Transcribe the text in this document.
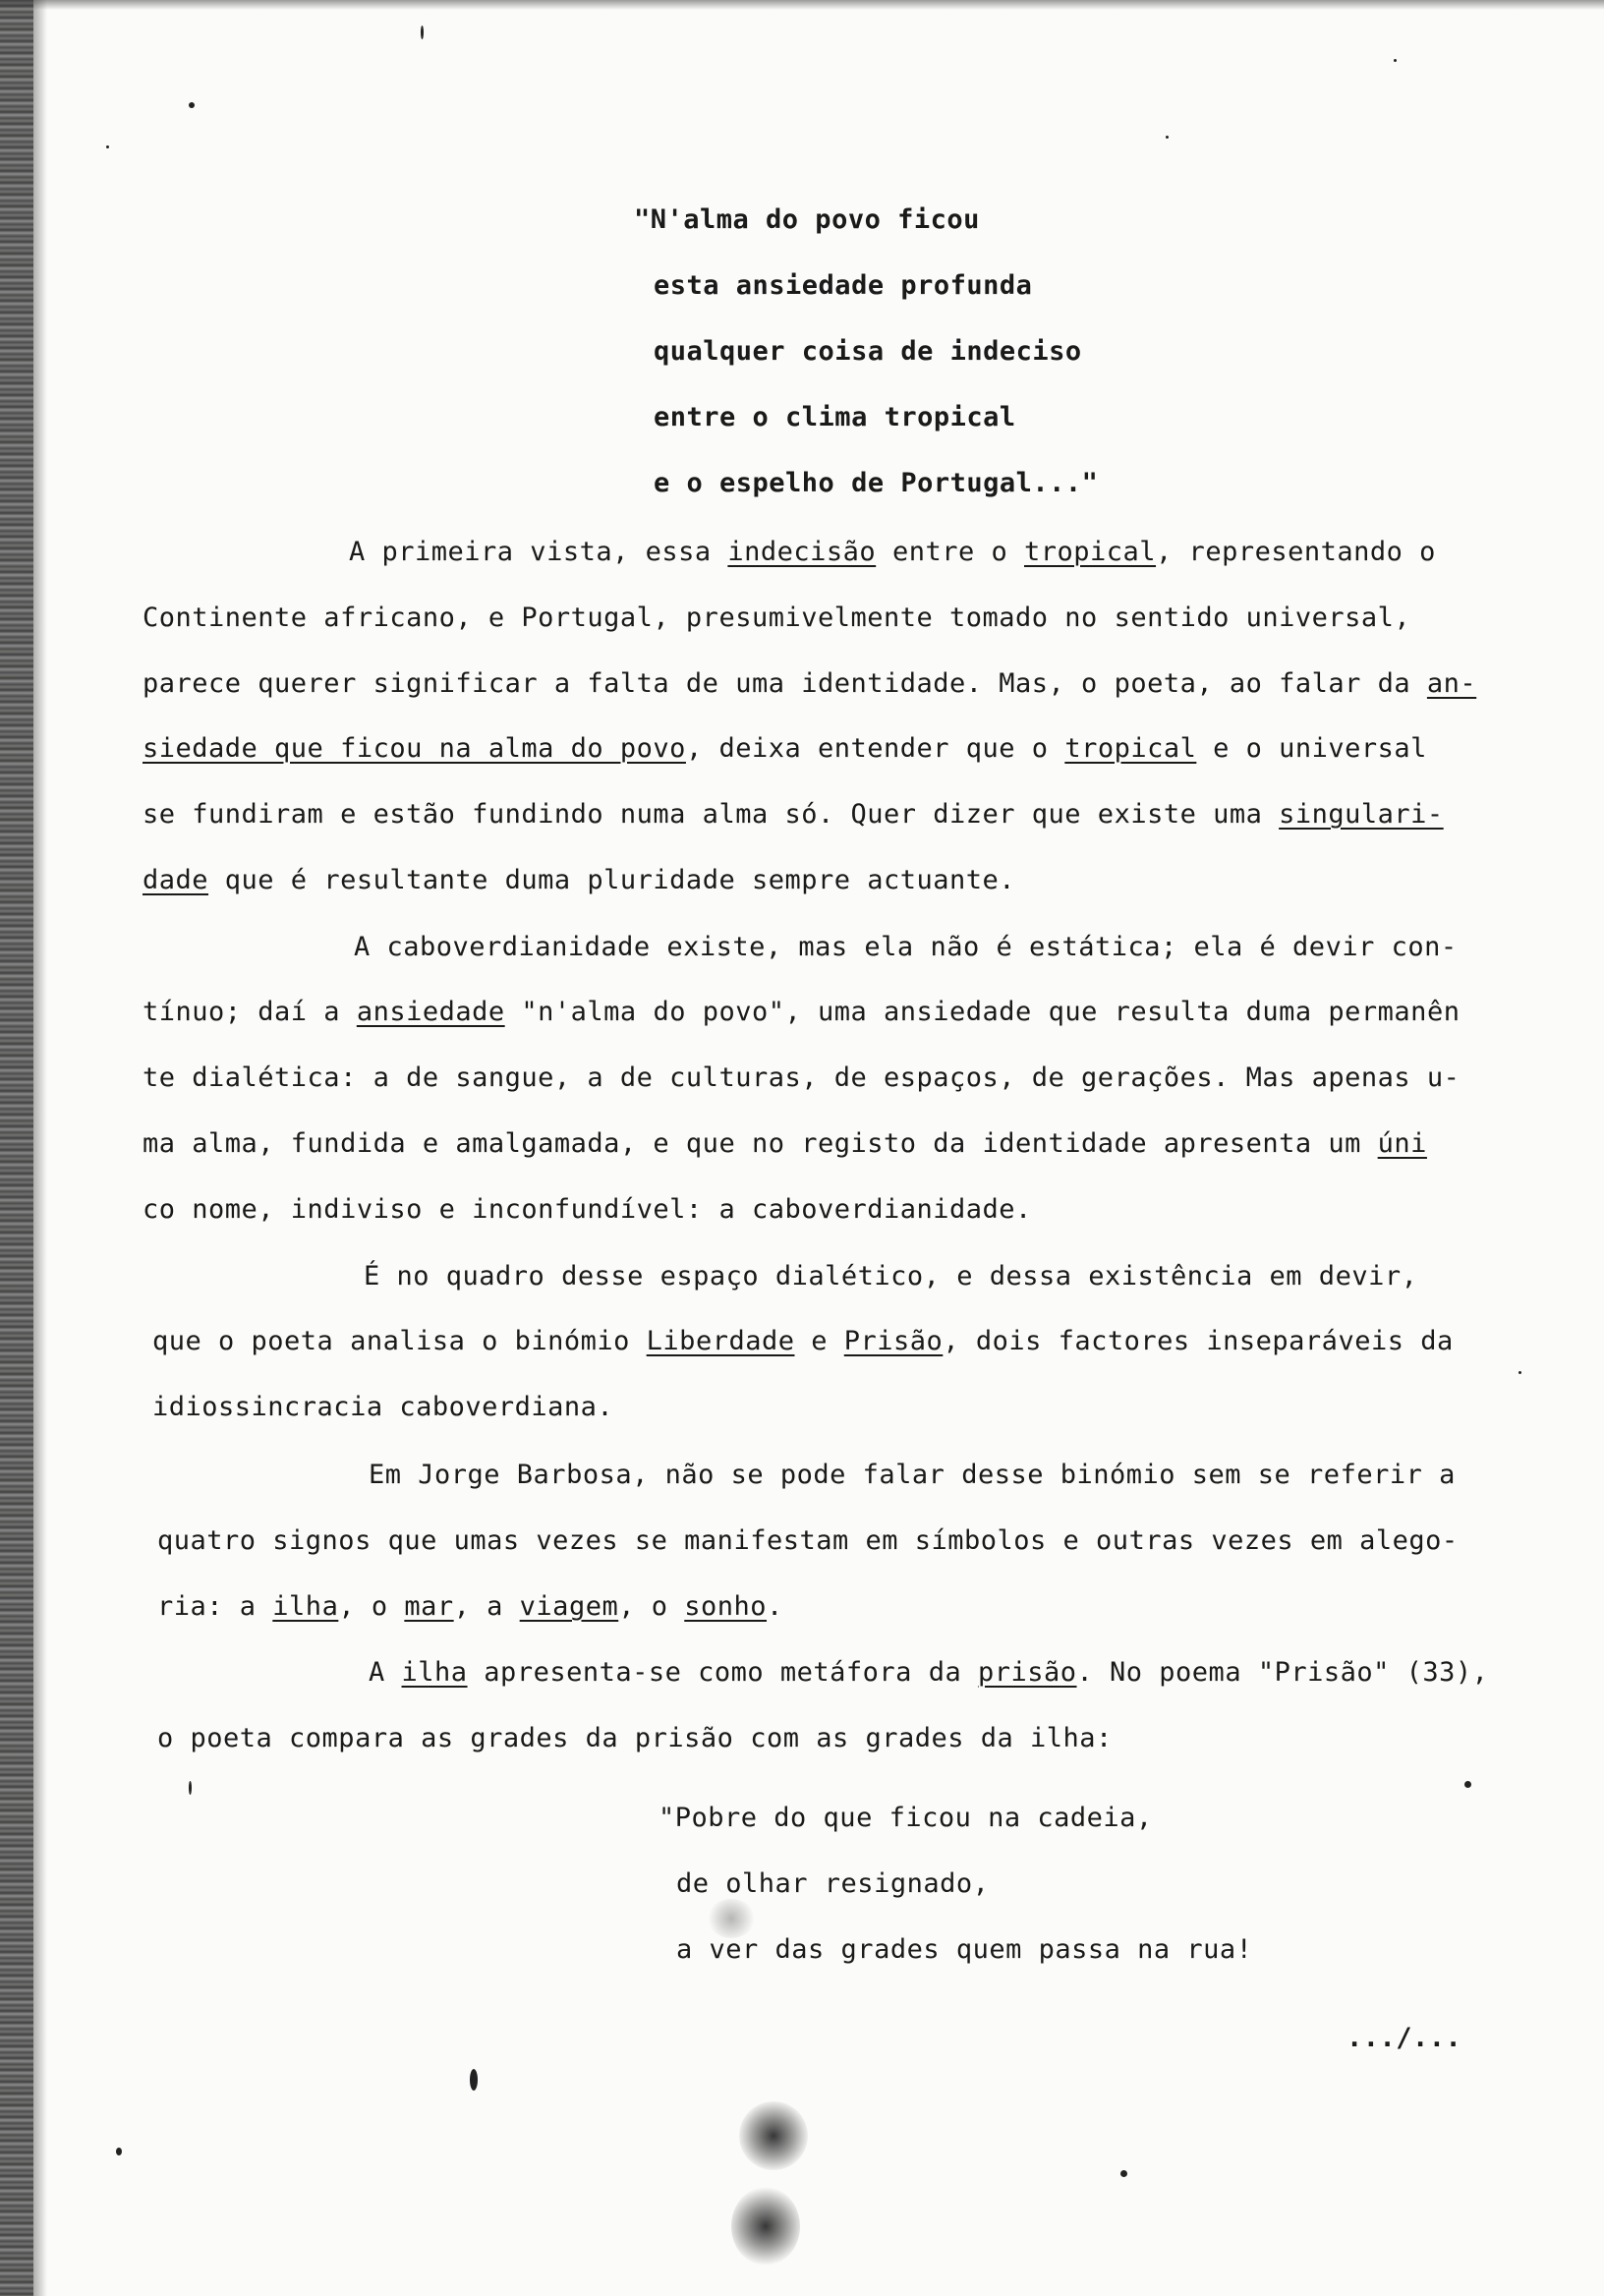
"N'alma do povo ficou
esta ansiedade profunda
qualquer coisa de indeciso
entre o clima tropical
e o espelho de Portugal..."
A primeira vista, essa indecisão entre o tropical, representando o
Continente africano, e Portugal, presumivelmente tomado no sentido universal,
parece querer significar a falta de uma identidade. Mas, o poeta, ao falar da an-
siedade que ficou na alma do povo, deixa entender que o tropical e o universal
se fundiram e estão fundindo numa alma só. Quer dizer que existe uma singulari-
dade que é resultante duma pluridade sempre actuante.
A caboverdianidade existe, mas ela não é estática; ela é devir con-
tínuo; daí a ansiedade "n'alma do povo", uma ansiedade que resulta duma permanên
te dialética: a de sangue, a de culturas, de espaços, de gerações. Mas apenas u-
ma alma, fundida e amalgamada, e que no registo da identidade apresenta um úni
co nome, indiviso e inconfundível: a caboverdianidade.
É no quadro desse espaço dialético, e dessa existência em devir,
que o poeta analisa o binómio Liberdade e Prisão, dois factores inseparáveis da
idiossincracia caboverdiana.
Em Jorge Barbosa, não se pode falar desse binómio sem se referir a
quatro signos que umas vezes se manifestam em símbolos e outras vezes em alego-
ria: a ilha, o mar, a viagem, o sonho.
A ilha apresenta-se como metáfora da prisão. No poema "Prisão" (33),
o poeta compara as grades da prisão com as grades da ilha:
"Pobre do que ficou na cadeia,
de olhar resignado,
a ver das grades quem passa na rua!
.../...
